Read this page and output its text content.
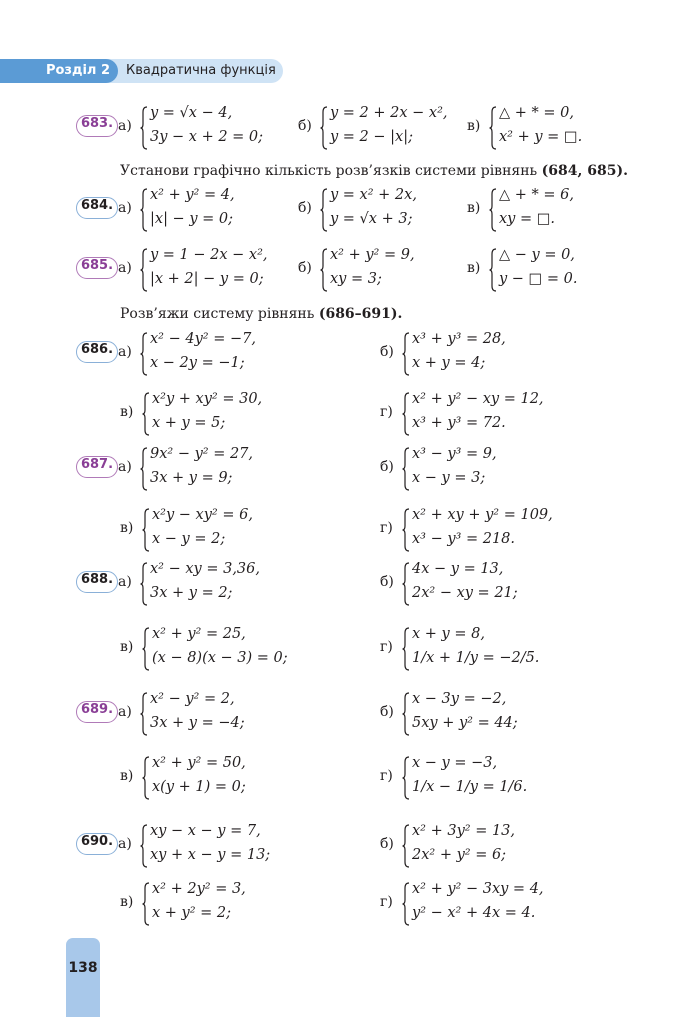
Розділ 2	Квадратична функція
Установи графічно кількість розв’язків системи рівнянь (684, 685).
Розв’яжи систему рівнянь (686–691).
683. а)
y = √x − 4,
3y − x + 2 = 0;
б)
y = 2 + 2x − x²,
y = 2 − |x|;
в)
△ + * = 0,
x² + y = □.
684. а)
x² + y² = 4,
|x| − y = 0;
б)
y = x² + 2x,
y = √x + 3;
в)
△ + * = 6,
xy = □.
685. а)
y = 1 − 2x − x²,
|x + 2| − y = 0;
б)
x² + y² = 9,
xy = 3;
в)
△ − y = 0,
y − □ = 0.
686. а)
x² − 4y² = −7,
x − 2y = −1;
б)
x³ + y³ = 28,
x + y = 4;
в)
x²y + xy² = 30,
x + y = 5;
г)
x² + y² − xy = 12,
x³ + y³ = 72.
687. а)
9x² − y² = 27,
3x + y = 9;
б)
x³ − y³ = 9,
x − y = 3;
в)
x²y − xy² = 6,
x − y = 2;
г)
x² + xy + y² = 109,
x³ − y³ = 218.
688. а)
x² − xy = 3,36,
3x + y = 2;
б)
4x − y = 13,
2x² − xy = 21;
в)
x² + y² = 25,
(x − 8)(x − 3) = 0;
г)
x + y = 8,
1/x + 1/y = −2/5.
689. а)
x² − y² = 2,
3x + y = −4;
б)
x − 3y = −2,
5xy + y² = 44;
в)
x² + y² = 50,
x(y + 1) = 0;
г)
x − y = −3,
1/x − 1/y = 1/6.
690. а)
xy − x − y = 7,
xy + x − y = 13;
б)
x² + 3y² = 13,
2x² + y² = 6;
в)
x² + 2y² = 3,
x + y² = 2;
г)
x² + y² − 3xy = 4,
y² − x² + 4x = 4.
138
